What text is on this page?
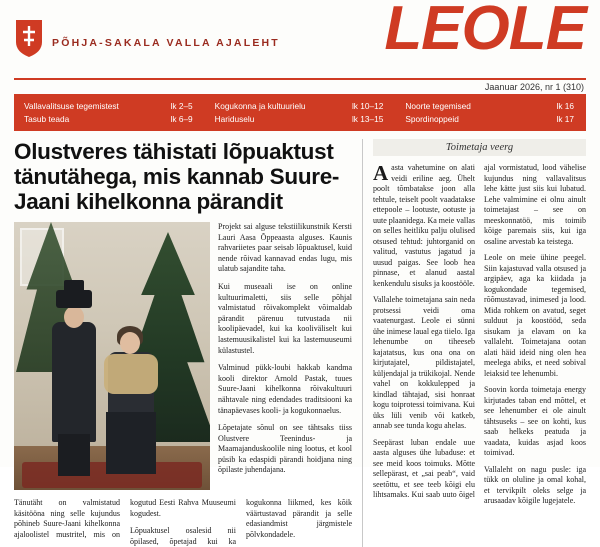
PÕHJA-SAKALA VALLA AJALEHT LEOLE
Jaanuar 2026, nr 1 (310)
Vallavalitsuse tegemistest	lk 2–5
Tasub teada	lk 6–9
Kogukonna ja kultuurielu	lk 10–12
Hariduselu	lk 13–15
Noorte tegemised	lk 16
Spordinoppeid	lk 17
Olustveres tähistati lõpuaktust tänutähega, mis kannab Suure-Jaani kihelkonna pärandit

Projekt sai alguse tekstiilikunstnik Kersti Lauri Aasa Õppeaasta alguses. Kaunis rahvariietes paar seisab lõpuaktusel, kuid nende rõivad kannavad endas lugu, mis ulatub sajandite taha.

Kui museaali ise on online kultuurimaletti, siis selle põhjal valmistatud rõivakomplekt võimaldab pärandit pärenuu tutvustada nii koolipäevadel, kui ka kooliväliselt kui lastemuusikalistel kui ka lastemuuseumi külastustel.

Valminud pükk-loubi hakkab kandma kooli direktor Arnold Pastak, tuues Suure-Jaani kihelkonna rõivakultuuri nähtavale ning edendades traditsiooni ka tänapäevases kooli- ja kogukonnaelus.

Lõpetajate sõnul on see tähtsaks tiiss Olustvere Teenindus- ja Maamajanduskoolile ning lootus, et kool püsib ka edaspidi pärandi hoidjana ning õpilaste juhendajana.

Tänutäht on valmistatud käsitööna ning selle kujundus põhineb Suure-Jaani kihelkonna ajaloolistel mustritel, mis on kogutud Eesti Rahva Muuseumi kogudest.

Lõpuaktusel osalesid nii õpilased, õpetajad kui ka kogukonna liikmed, kes kõik väärtustavad pärandit ja selle edasiandmist järgmistele põlvkondadele.

Toimetaja veerg

Aasta vahetumine on alati veidi eriline aeg. Ühelt poolt tõmbatakse joon alla tehtule, teiselt poolt vaadatakse ettepoole – lootuste, ootuste ja uute plaanidega. Ka meie vallas on selles heitliku palju olulised otsused tehtud: juhtorganid on valitud, vastutus jagatud ja uusud paigas. See loob hea pinnase, et alanud aastal kenkendulu sisuks ja koostööle.

Vallalehe toimetajana sain neda protsessi veidi oma vaatenurgast. Leole ei sünni ühe inimese laual ega tiielo. Iga lehenumbe on tiheeseb kajatatsus, kus ona ona on kirjutajatel, pildistajatel, küljendajal ja trükikojal. Nende vahel on kokkulepped ja kindlad tähtajad, sisi honraat kogu toiprotessi toimivana. Kui üks lüli venib või katkeb, annab see tunda kogu ahelas.

Seepärast luban endale uue aasta alguses ühe lubaduse: et see meid koos toimuks. Mõtte sellepärast, et „sai peab“, vaid seetõttu, et see teeb kõigi elu lihtsamaks. Kui saab uuto õigel ajal vormistatud, lood vähelise kujundus ning vallavalitsus lehe kätte just siis kui lubatud. Lehe valmimine ei olnu ainult toimetajast – see on meeskonnatöö, mis toimib kõige paremais siis, kui iga osaline arvestab ka teistega.

Leole on meie ühine peegel. Siin kajastuvad valla otsused ja argipäev, aga ka kiidada ja kogukondade tegemised, rõõmustavad, inimesed ja lood. Mida rohkem on avatud, seget sulduut ja koostööd, seda sisukam ja elavam on ka vallaleht. Toimetajana ootan alati häid ideid ning olen hea meelega abiks, et need sobival leiaksid tee lehenumbi.

Soovin korda toimetaja energy kirjutades taban end mõttel, et see lehenumber ei ole ainult tähtsuseks – see on kohti, kus saab helkeks peatuda ja vaadata, kuidas asjad koos toimivad.

Vallaleht on nagu pusle: iga tükk on oluline ja omal kohal, et tervikpilt oleks selge ja arusaadav kõigile lugejatele.
